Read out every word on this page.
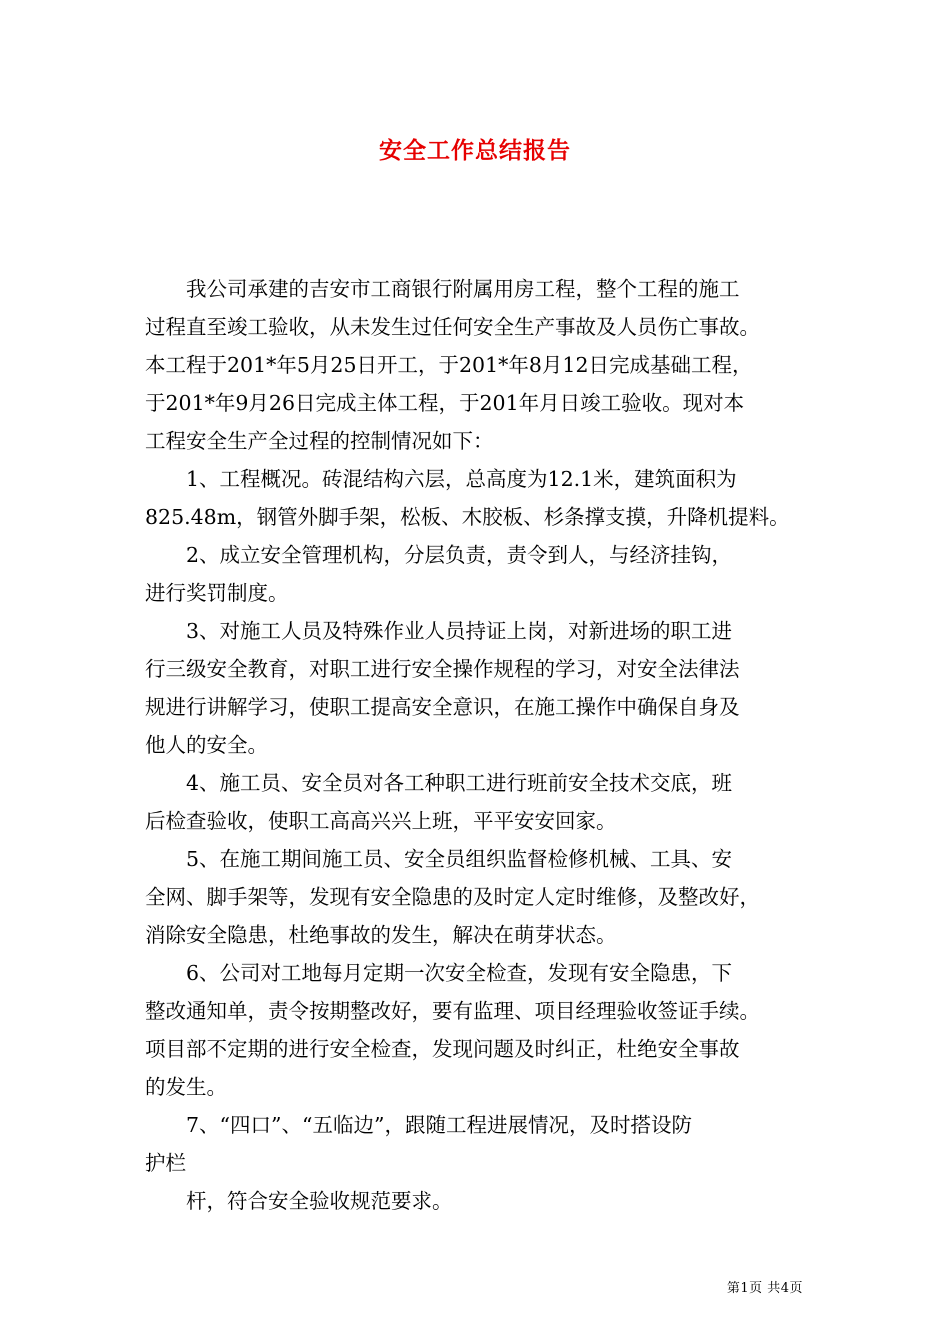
安全工作总结报告
我公司承建的吉安市工商银行附属用房工程，整个工程的施工
过程直至竣工验收，从未发生过任何安全生产事故及人员伤亡事故。
本工程于201*年5月25日开工，于201*年8月12日完成基础工程，
于201*年9月26日完成主体工程，于201年月日竣工验收。现对本
工程安全生产全过程的控制情况如下：
1、工程概况。砖混结构六层，总高度为12.1米，建筑面积为
825.48m，钢管外脚手架，松板、木胶板、杉条撑支摸，升降机提料。
2、成立安全管理机构，分层负责，责令到人，与经济挂钩，
进行奖罚制度。
3、对施工人员及特殊作业人员持证上岗，对新进场的职工进
行三级安全教育，对职工进行安全操作规程的学习，对安全法律法
规进行讲解学习，使职工提高安全意识，在施工操作中确保自身及
他人的安全。
4、施工员、安全员对各工种职工进行班前安全技术交底，班
后检查验收，使职工高高兴兴上班，平平安安回家。
5、在施工期间施工员、安全员组织监督检修机械、工具、安
全网、脚手架等，发现有安全隐患的及时定人定时维修，及整改好，
消除安全隐患，杜绝事故的发生，解决在萌芽状态。
6、公司对工地每月定期一次安全检查，发现有安全隐患，下
整改通知单，责令按期整改好，要有监理、项目经理验收签证手续。
项目部不定期的进行安全检查，发现问题及时纠正，杜绝安全事故
的发生。
7、“四口”、“五临边”，跟随工程进展情况，及时搭设防
护栏
杆，符合安全验收规范要求。
第1页 共4页
